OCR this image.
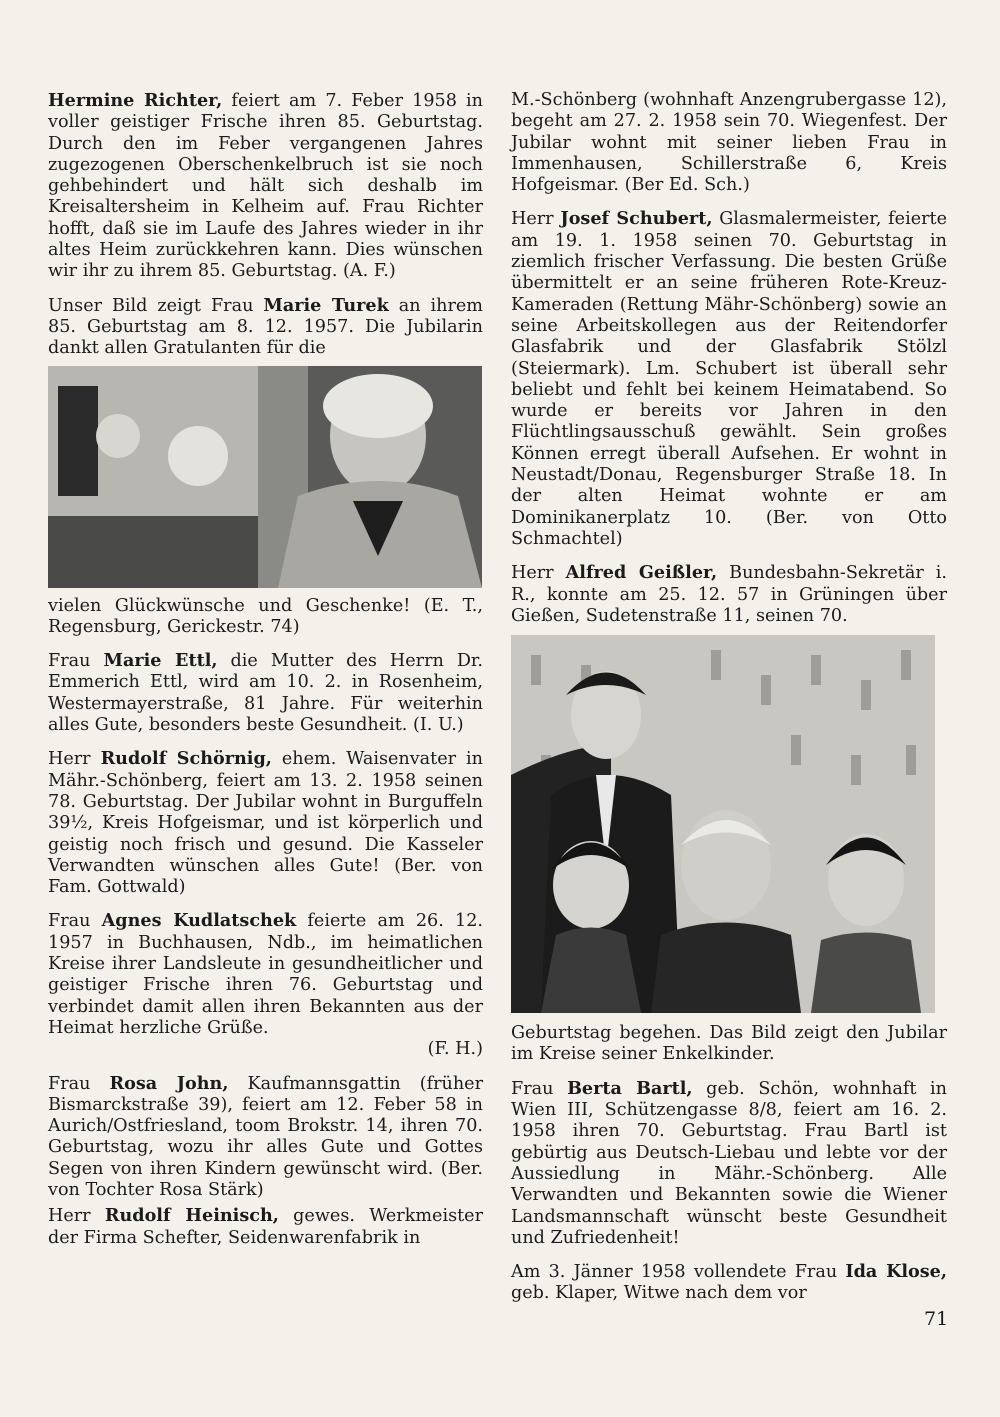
Hermine Richter, feiert am 7. Feber 1958 in voller geistiger Frische ihren 85. Geburtstag. Durch den im Feber vergangenen Jahres zugezogenen Oberschenkelbruch ist sie noch gehbehindert und hält sich deshalb im Kreisaltersheim in Kelheim auf. Frau Richter hofft, daß sie im Laufe des Jahres wieder in ihr altes Heim zurückkehren kann. Dies wünschen wir ihr zu ihrem 85. Geburtstag. (A. F.)

Unser Bild zeigt Frau Marie Turek an ihrem 85. Geburtstag am 8. 12. 1957. Die Jubilarin dankt allen Gratulanten für die

vielen Glückwünsche und Geschenke! (E. T., Regensburg, Gerickestr. 74)

Frau Marie Ettl, die Mutter des Herrn Dr. Emmerich Ettl, wird am 10. 2. in Rosenheim, Westermayerstraße, 81 Jahre. Für weiterhin alles Gute, besonders beste Gesundheit. (I. U.)

Herr Rudolf Schörnig, ehem. Waisenvater in Mähr.-Schönberg, feiert am 13. 2. 1958 seinen 78. Geburtstag. Der Jubilar wohnt in Burguffeln 39½, Kreis Hofgeismar, und ist körperlich und geistig noch frisch und gesund. Die Kasseler Verwandten wünschen alles Gute! (Ber. von Fam. Gottwald)

Frau Agnes Kudlatschek feierte am 26. 12. 1957 in Buchhausen, Ndb., im heimatlichen Kreise ihrer Landsleute in gesundheitlicher und geistiger Frische ihren 76. Geburtstag und verbindet damit allen ihren Bekannten aus der Heimat herzliche Grüße.
(F. H.)

Frau Rosa John, Kaufmannsgattin (früher Bismarckstraße 39), feiert am 12. Feber 58 in Aurich/Ostfriesland, toom Brokstr. 14, ihren 70. Geburtstag, wozu ihr alles Gute und Gottes Segen von ihren Kindern gewünscht wird. (Ber. von Tochter Rosa Stärk)

Herr Rudolf Heinisch, gewes. Werkmeister der Firma Schefter, Seidenwarenfabrik in

M.-Schönberg (wohnhaft Anzengrubergasse 12), begeht am 27. 2. 1958 sein 70. Wiegenfest. Der Jubilar wohnt mit seiner lieben Frau in Immenhausen, Schillerstraße 6, Kreis Hofgeismar. (Ber Ed. Sch.)

Herr Josef Schubert, Glasmalermeister, feierte am 19. 1. 1958 seinen 70. Geburtstag in ziemlich frischer Verfassung. Die besten Grüße übermittelt er an seine früheren Rote-Kreuz-Kameraden (Rettung Mähr-Schönberg) sowie an seine Arbeitskollegen aus der Reitendorfer Glasfabrik und der Glasfabrik Stölzl (Steiermark). Lm. Schubert ist überall sehr beliebt und fehlt bei keinem Heimatabend. So wurde er bereits vor Jahren in den Flüchtlingsausschuß gewählt. Sein großes Können erregt überall Aufsehen. Er wohnt in Neustadt/Donau, Regensburger Straße 18. In der alten Heimat wohnte er am Dominikanerplatz 10. (Ber. von Otto Schmachtel)

Herr Alfred Geißler, Bundesbahn-Sekretär i. R., konnte am 25. 12. 57 in Grüningen über Gießen, Sudetenstraße 11, seinen 70.

Geburtstag begehen. Das Bild zeigt den Jubilar im Kreise seiner Enkelkinder.

Frau Berta Bartl, geb. Schön, wohnhaft in Wien III, Schützengasse 8/8, feiert am 16. 2. 1958 ihren 70. Geburtstag. Frau Bartl ist gebürtig aus Deutsch-Liebau und lebte vor der Aussiedlung in Mähr.-Schönberg. Alle Verwandten und Bekannten sowie die Wiener Landsmannschaft wünscht beste Gesundheit und Zufriedenheit!

Am 3. Jänner 1958 vollendete Frau Ida Klose, geb. Klaper, Witwe nach dem vor

71
